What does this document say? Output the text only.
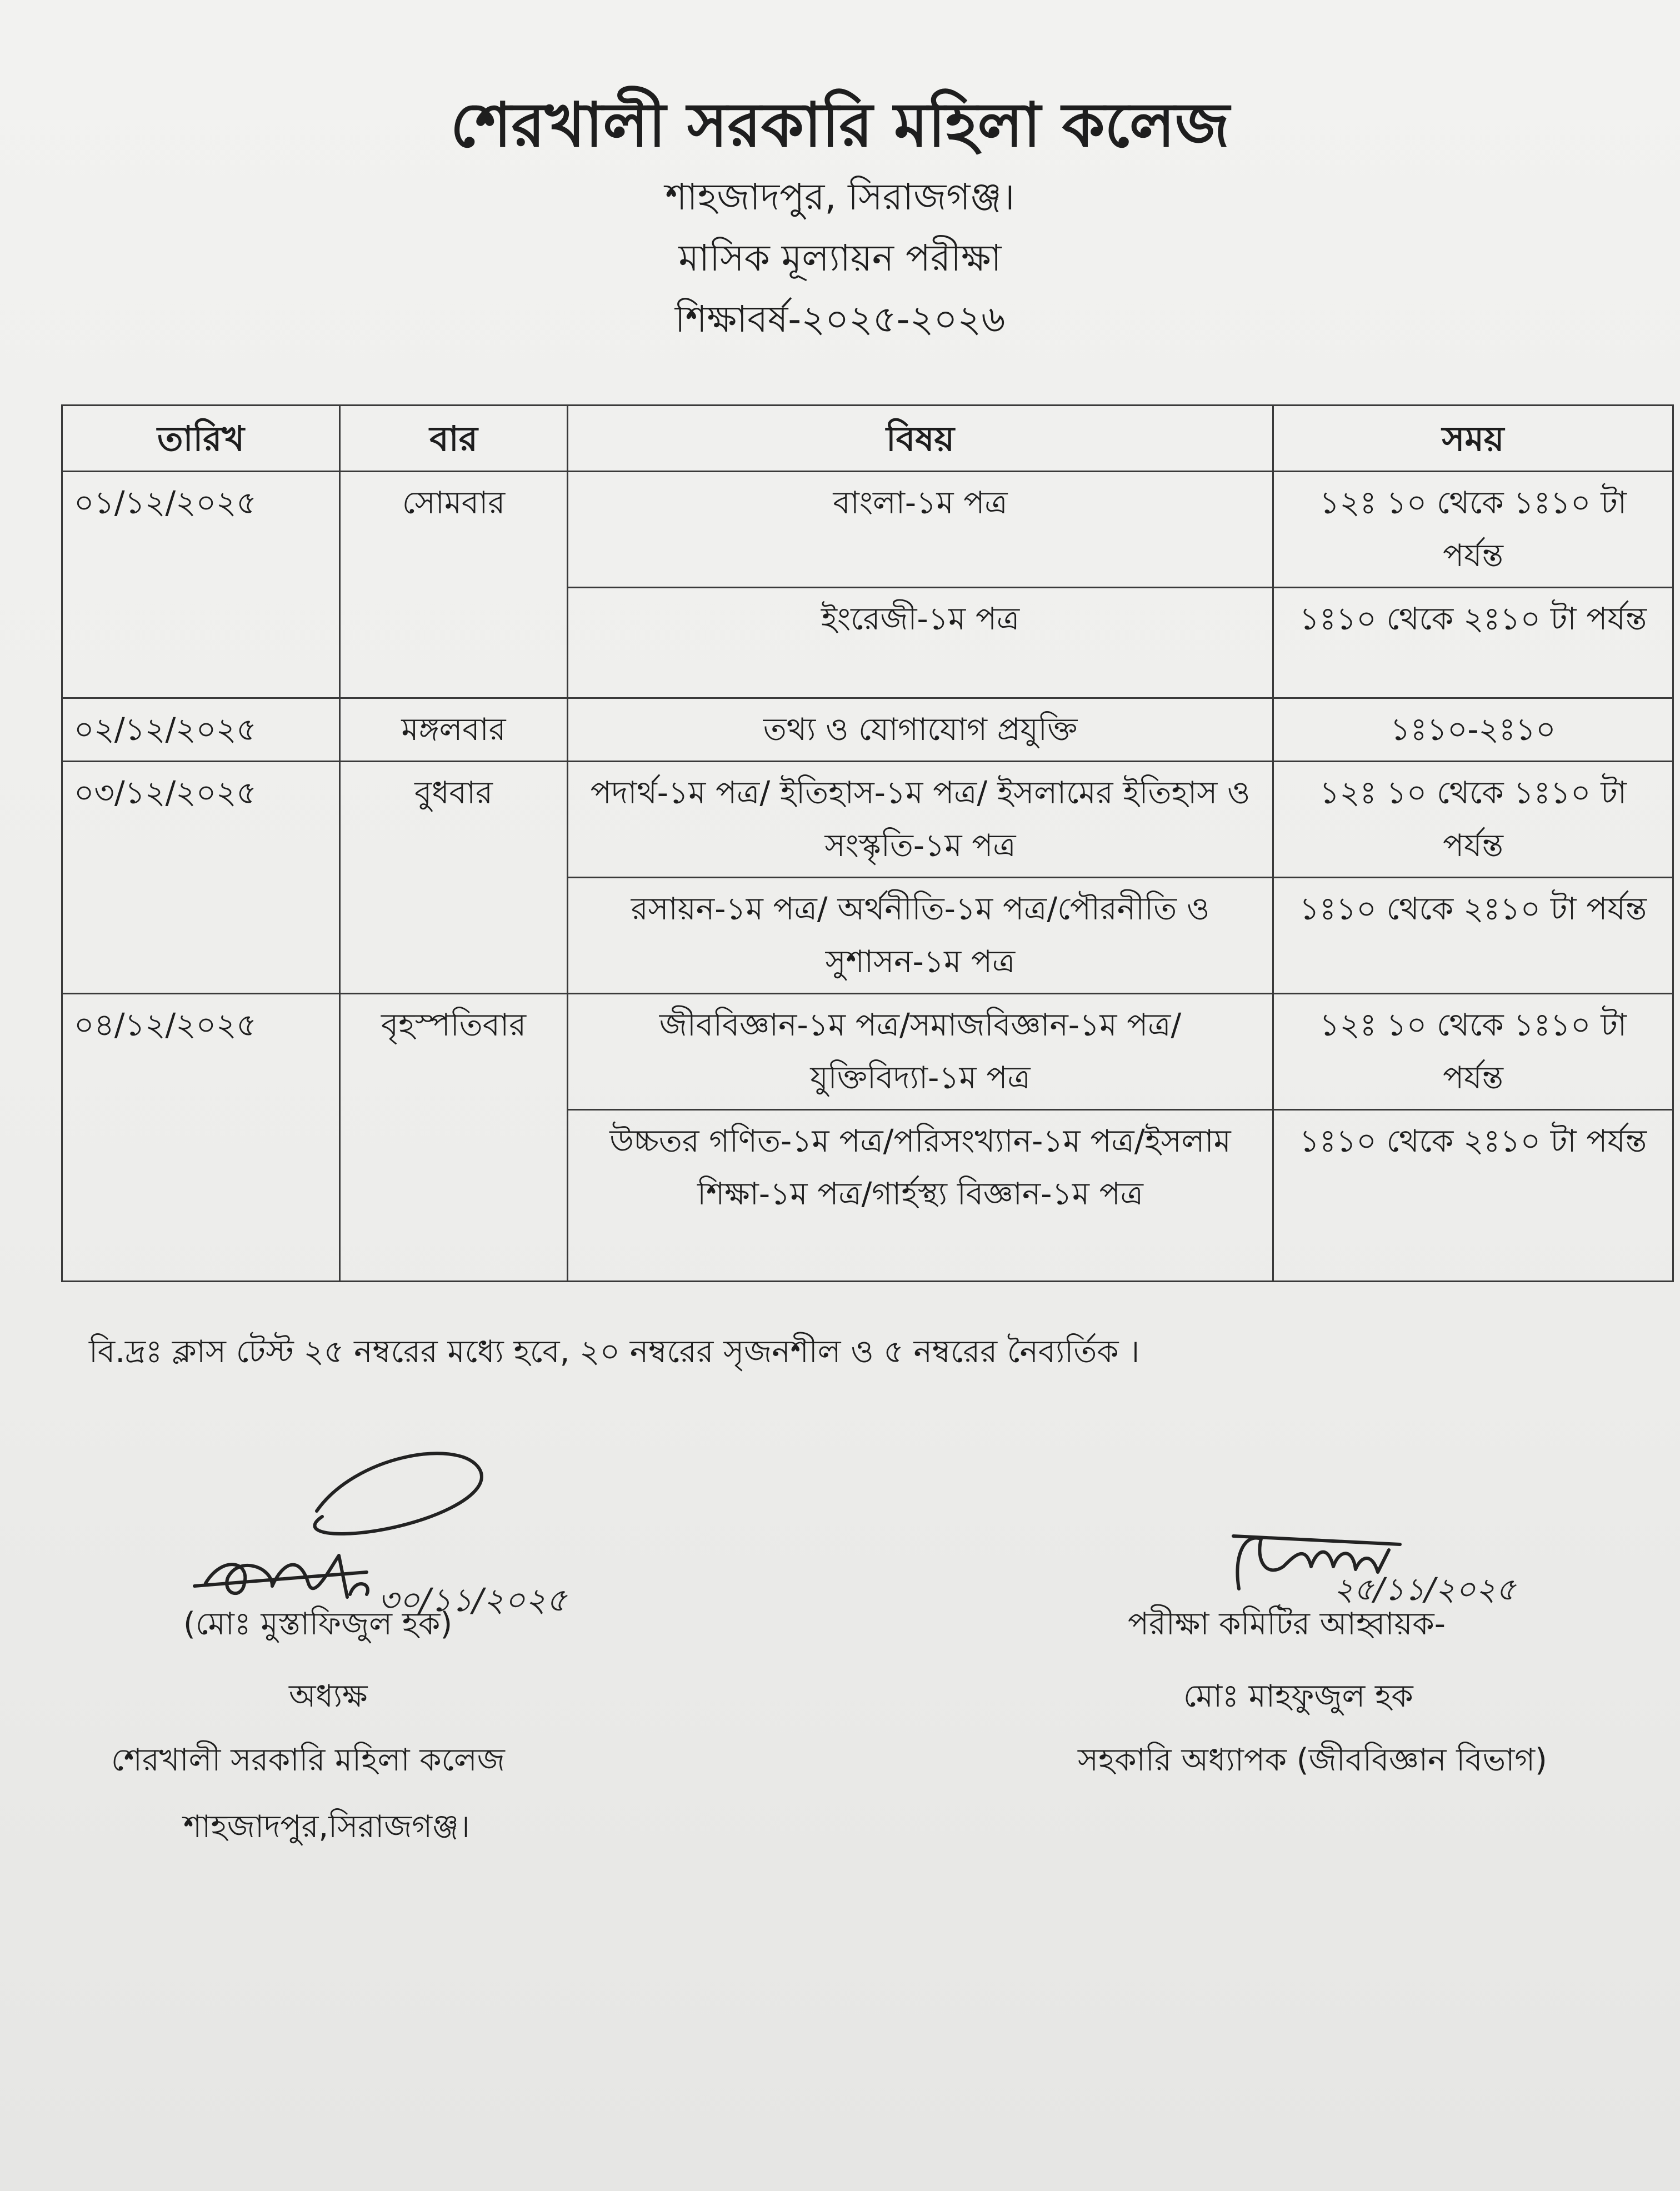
শেরখালী সরকারি মহিলা কলেজ
শাহজাদপুর, সিরাজগঞ্জ।
মাসিক মূল্যায়ন পরীক্ষা
শিক্ষাবর্ষ-২০২৫-২০২৬
তারিখ	বার	বিষয়	সময়
০১/১২/২০২৫	সোমবার	বাংলা-১ম পত্র	১২ঃ ১০ থেকে ১ঃ১০ টা পর্যন্ত
		ইংরেজী-১ম পত্র	১ঃ১০ থেকে ২ঃ১০ টা পর্যন্ত
০২/১২/২০২৫	মঙ্গলবার	তথ্য ও যোগাযোগ প্রযুক্তি	১ঃ১০-২ঃ১০
০৩/১২/২০২৫	বুধবার	পদার্থ-১ম পত্র/ ইতিহাস-১ম পত্র/ ইসলামের ইতিহাস ও সংস্কৃতি-১ম পত্র	১২ঃ ১০ থেকে ১ঃ১০ টা পর্যন্ত
		রসায়ন-১ম পত্র/ অর্থনীতি-১ম পত্র/পৌরনীতি ও সুশাসন-১ম পত্র	১ঃ১০ থেকে ২ঃ১০ টা পর্যন্ত
০৪/১২/২০২৫	বৃহস্পতিবার	জীববিজ্ঞান-১ম পত্র/সমাজবিজ্ঞান-১ম পত্র/যুক্তিবিদ্যা-১ম পত্র	১২ঃ ১০ থেকে ১ঃ১০ টা পর্যন্ত
		উচ্চতর গণিত-১ম পত্র/পরিসংখ্যান-১ম পত্র/ইসলাম শিক্ষা-১ম পত্র/গার্হস্থ্য বিজ্ঞান-১ম পত্র	১ঃ১০ থেকে ২ঃ১০ টা পর্যন্ত
বি.দ্রঃ ক্লাস টেস্ট ২৫ নম্বরের মধ্যে হবে, ২০ নম্বরের সৃজনশীল ও ৫ নম্বরের নৈব্যর্তিক ।
৩০/১১/২০২৫	২৫/১১/২০২৫
(মোঃ মুস্তাফিজুল হক)
অধ্যক্ষ
শেরখালী সরকারি মহিলা কলেজ
শাহজাদপুর,সিরাজগঞ্জ।
পরীক্ষা কমিটির আহ্বায়ক-
মোঃ মাহফুজুল হক
সহকারি অধ্যাপক (জীববিজ্ঞান বিভাগ)
